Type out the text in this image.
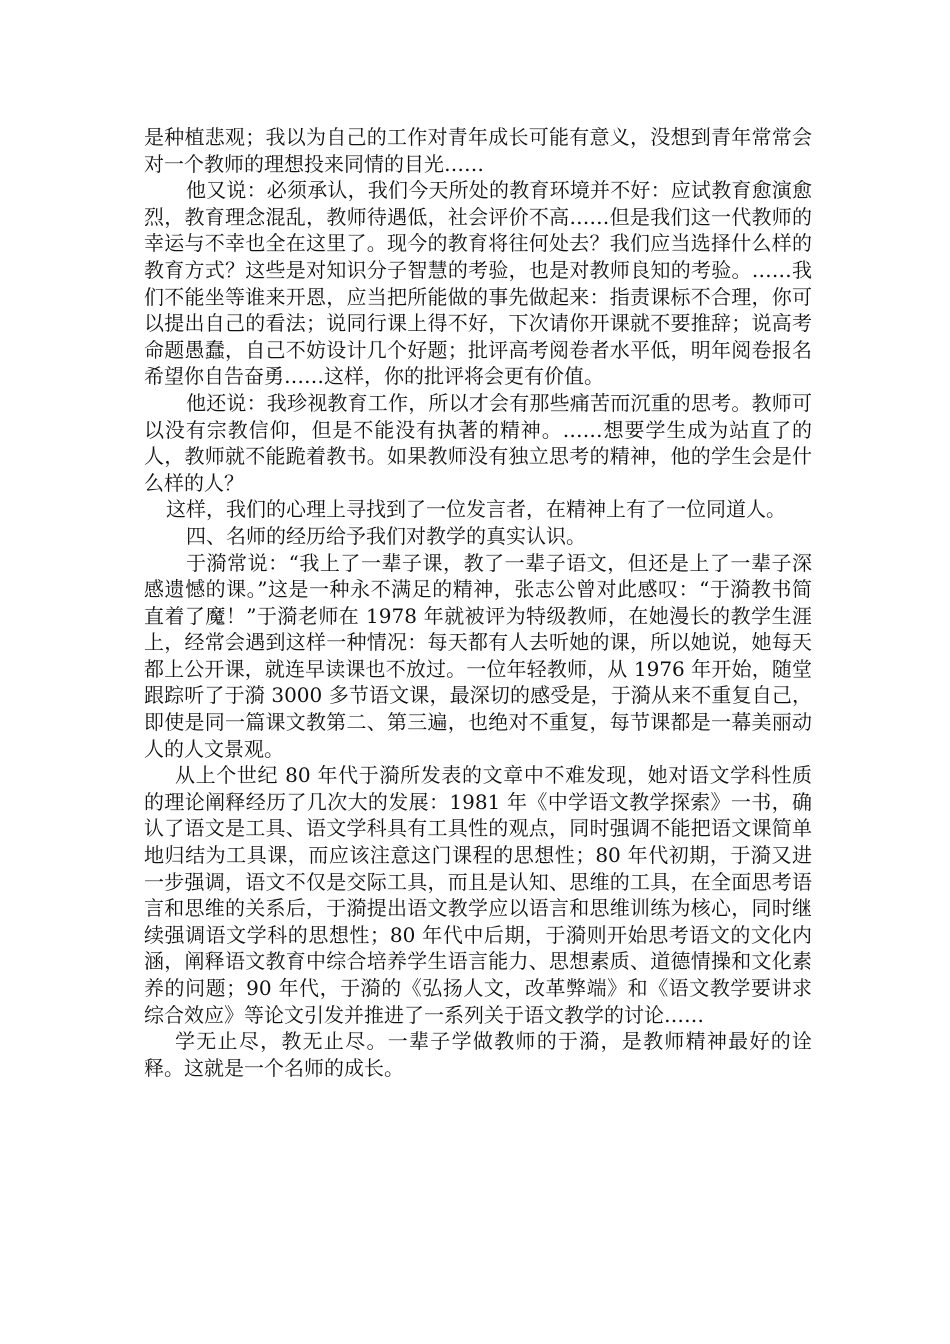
是种植悲观；我以为自己的工作对青年成长可能有意义，没想到青年常常会对一个教师的理想投来同情的目光……

他又说：必须承认，我们今天所处的教育环境并不好：应试教育愈演愈烈，教育理念混乱，教师待遇低，社会评价不高……但是我们这一代教师的幸运与不幸也全在这里了。现今的教育将往何处去？我们应当选择什么样的教育方式？这些是对知识分子智慧的考验，也是对教师良知的考验。……我们不能坐等谁来开恩，应当把所能做的事先做起来：指责课标不合理，你可以提出自己的看法；说同行课上得不好，下次请你开课就不要推辞；说高考命题愚蠢，自己不妨设计几个好题；批评高考阅卷者水平低，明年阅卷报名希望你自告奋勇……这样，你的批评将会更有价值。

他还说：我珍视教育工作，所以才会有那些痛苦而沉重的思考。教师可以没有宗教信仰，但是不能没有执著的精神。……想要学生成为站直了的人，教师就不能跪着教书。如果教师没有独立思考的精神，他的学生会是什么样的人？

这样，我们的心理上寻找到了一位发言者，在精神上有了一位同道人。

四、名师的经历给予我们对教学的真实认识。

于漪常说：“我上了一辈子课，教了一辈子语文，但还是上了一辈子深感遗憾的课。”这是一种永不满足的精神，张志公曾对此感叹：“于漪教书简直着了魔！”于漪老师在 1978 年就被评为特级教师，在她漫长的教学生涯上，经常会遇到这样一种情况：每天都有人去听她的课，所以她说，她每天都上公开课，就连早读课也不放过。一位年轻教师，从 1976 年开始，随堂跟踪听了于漪 3000 多节语文课，最深切的感受是，于漪从来不重复自己，即使是同一篇课文教第二、第三遍，也绝对不重复，每节课都是一幕美丽动人的人文景观。

从上个世纪 80 年代于漪所发表的文章中不难发现，她对语文学科性质的理论阐释经历了几次大的发展：1981 年《中学语文教学探索》一书，确认了语文是工具、语文学科具有工具性的观点，同时强调不能把语文课简单地归结为工具课，而应该注意这门课程的思想性；80 年代初期，于漪又进一步强调，语文不仅是交际工具，而且是认知、思维的工具，在全面思考语言和思维的关系后，于漪提出语文教学应以语言和思维训练为核心，同时继续强调语文学科的思想性；80 年代中后期，于漪则开始思考语文的文化内涵，阐释语文教育中综合培养学生语言能力、思想素质、道德情操和文化素养的问题；90 年代，于漪的《弘扬人文，改革弊端》和《语文教学要讲求综合效应》等论文引发并推进了一系列关于语文教学的讨论……

学无止尽，教无止尽。一辈子学做教师的于漪，是教师精神最好的诠释。这就是一个名师的成长。
